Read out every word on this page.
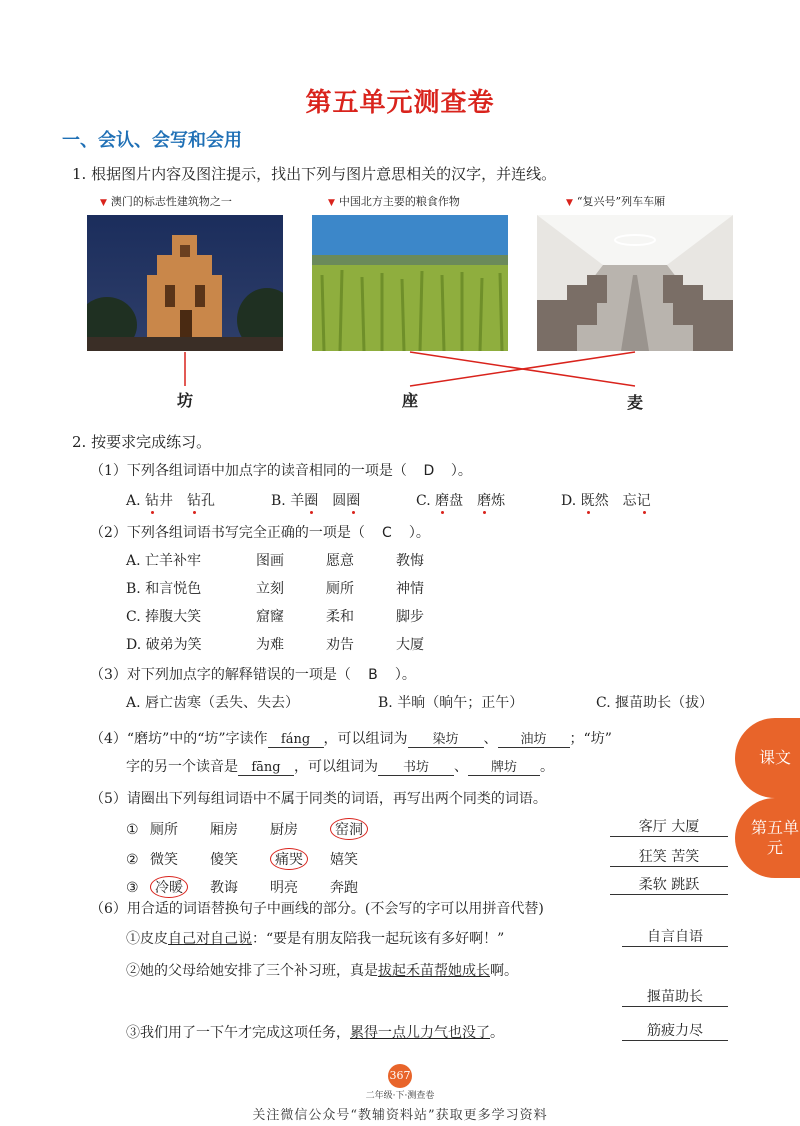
第五单元测查卷
一、会认、会写和会用
1. 根据图片内容及图注提示，找出下列与图片意思相关的汉字，并连线。
▼ 澳门的标志性建筑物之一	▼ 中国北方主要的粮食作物	▼ “复兴号”列车车厢
坊	座	麦
2. 按要求完成练习。
（1）下列各组词语中加点字的读音相同的一项是（ D ）。
A. 钻井　钻孔	B. 羊圈　圆圈	C. 磨盘　磨炼	D. 既然　忘记
（2）下列各组词语书写完全正确的一项是（ C ）。
A. 亡羊补牢	图画	愿意	教悔
B. 和言悦色	立刻	厕所	神情
C. 捧腹大笑	窟窿	柔和	脚步
D. 破弟为笑	为难	劝告	大厦
（3）对下列加点字的解释错误的一项是（ B ）。
A. 唇亡齿寒（丢失、失去）	B. 半晌（晌午；正午）	C. 揠苗助长（拔）
（4）“磨坊”中的“坊”字读作 fáng ，可以组词为 染坊 、 油坊 ；“坊”
字的另一个读音是 fāng ，可以组词为 书坊 、 牌坊 。
（5）请圈出下列每组词语中不属于同类的词语，再写出两个同类的词语。
① 厕所 厢房 厨房	窑洞	客厅 大厦
② 微笑 傻笑	痛哭 嬉笑	狂笑 苦笑
③ 冷暖 教诲 明亮 奔跑	柔软 跳跃
（6）用合适的词语替换句子中画线的部分。(不会写的字可以用拼音代替)
①皮皮自己对自己说：“要是有朋友陪我一起玩该有多好啊！”	自言自语
②她的父母给她安排了三个补习班，真是拔起禾苗帮她成长啊。
揠苗助长
③我们用了一下午才完成这项任务，累得一点儿力气也没了。	筋疲力尽
课文
第五单元
367
二年级·下·测查卷
关注微信公众号“教辅资料站”获取更多学习资料
